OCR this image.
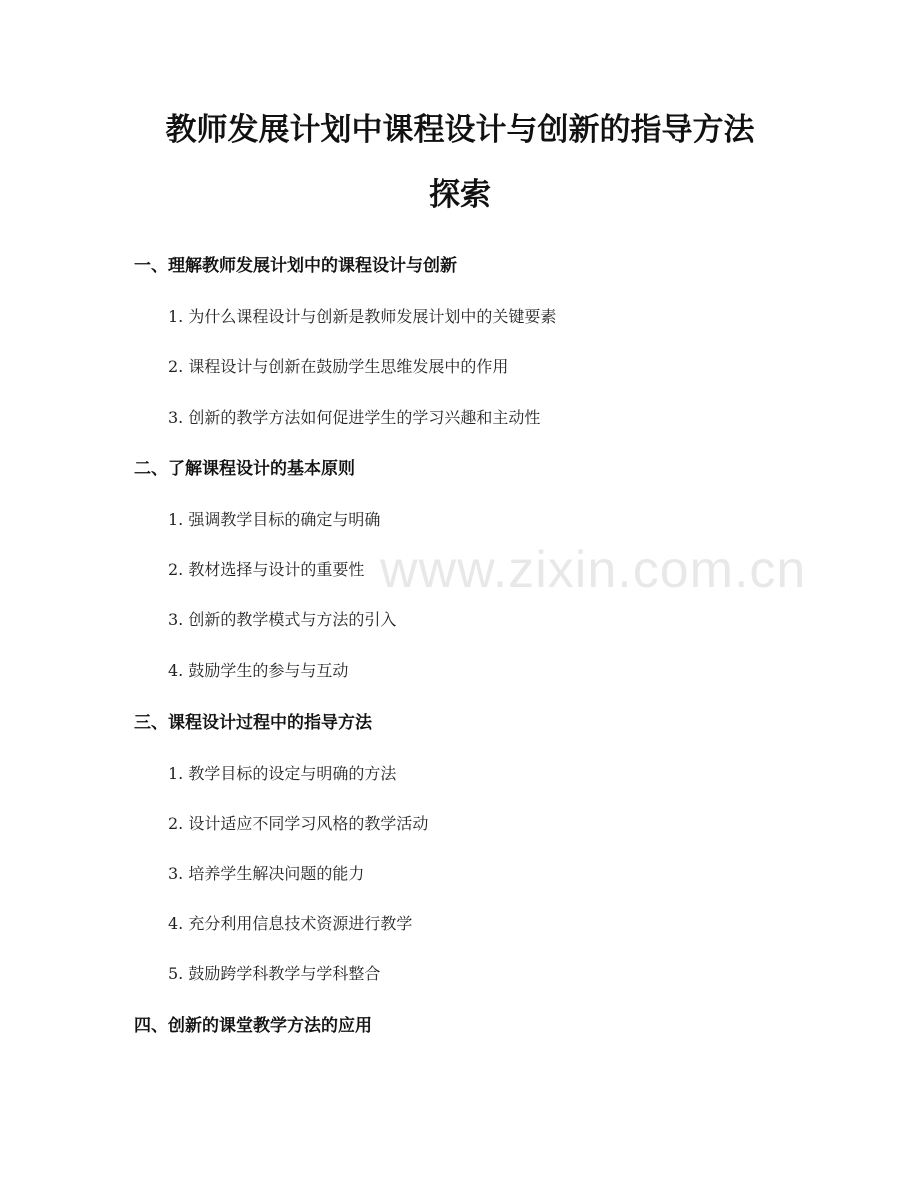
教师发展计划中课程设计与创新的指导方法
探索
www.zixin.com.cn
一、理解教师发展计划中的课程设计与创新
1. 为什么课程设计与创新是教师发展计划中的关键要素
2. 课程设计与创新在鼓励学生思维发展中的作用
3. 创新的教学方法如何促进学生的学习兴趣和主动性
二、了解课程设计的基本原则
1. 强调教学目标的确定与明确
2. 教材选择与设计的重要性
3. 创新的教学模式与方法的引入
4. 鼓励学生的参与与互动
三、课程设计过程中的指导方法
1. 教学目标的设定与明确的方法
2. 设计适应不同学习风格的教学活动
3. 培养学生解决问题的能力
4. 充分利用信息技术资源进行教学
5. 鼓励跨学科教学与学科整合
四、创新的课堂教学方法的应用
